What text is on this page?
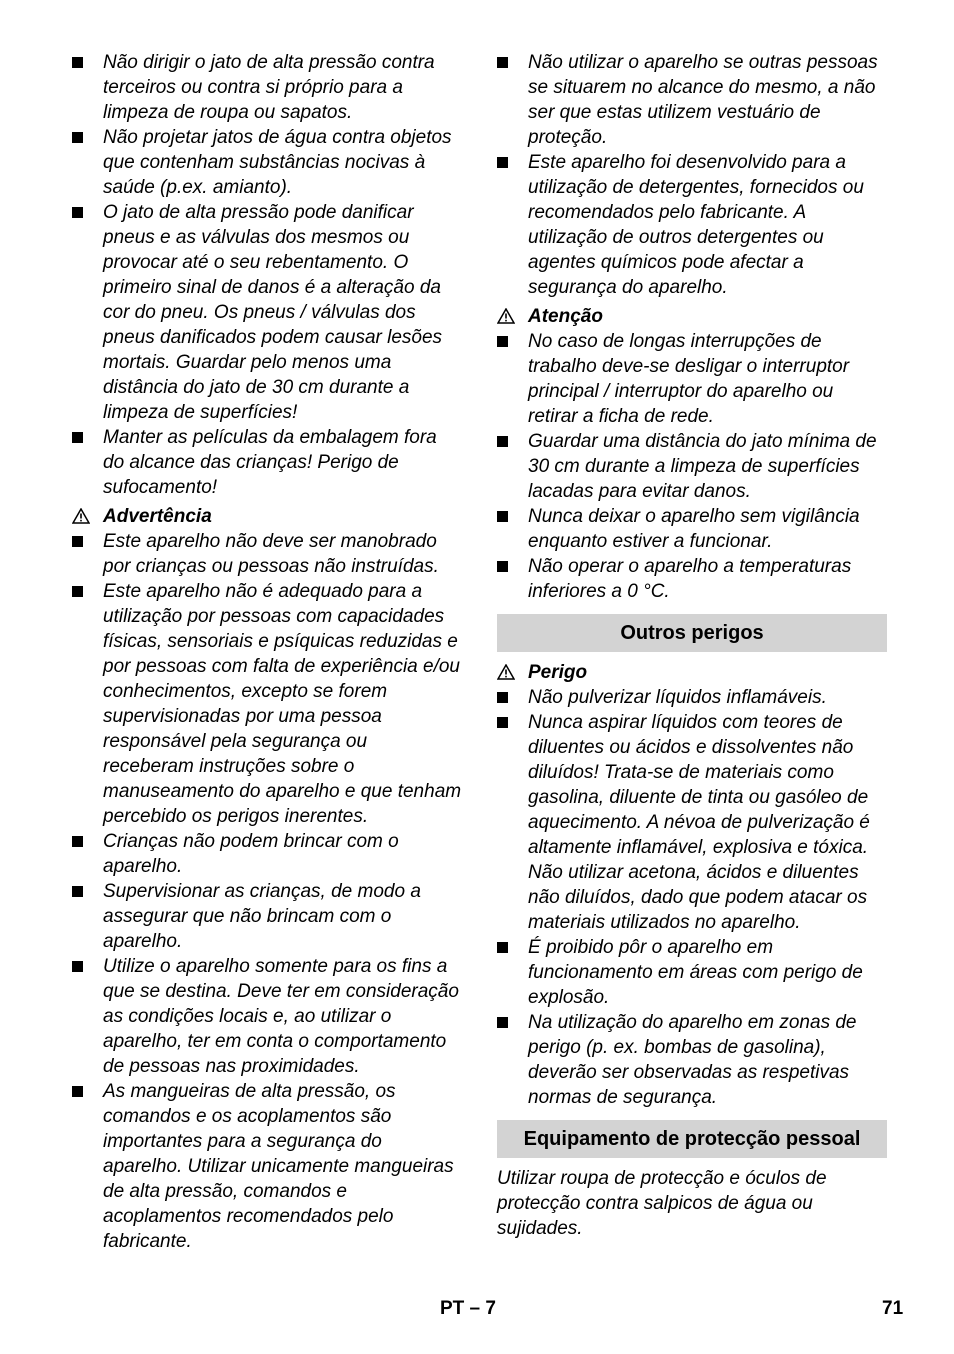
Não dirigir o jato de alta pressão contra terceiros ou contra si próprio para a limpeza de roupa ou sapatos.
Não projetar jatos de água contra objetos que contenham substâncias nocivas à saúde (p.ex. amianto).
O jato de alta pressão pode danificar pneus e as válvulas dos mesmos ou provocar até o seu rebentamento. O primeiro sinal de danos é a alteração da cor do pneu. Os pneus / válvulas dos pneus danificados podem causar lesões mortais. Guardar pelo menos uma distância do jato de 30 cm durante a limpeza de superfícies!
Manter as películas da embalagem fora do alcance das crianças! Perigo de sufocamento!
Advertência
Este aparelho não deve ser manobrado por crianças ou pessoas não instruídas.
Este aparelho não é adequado para a utilização por pessoas com capacidades físicas, sensoriais e psíquicas reduzidas e por pessoas com falta de experiência e/ou conhecimentos, excepto se forem supervisionadas por uma pessoa responsável pela segurança ou receberam instruções sobre o manuseamento do aparelho e que tenham percebido os perigos inerentes.
Crianças não podem brincar com o aparelho.
Supervisionar as crianças, de modo a assegurar que não brincam com o aparelho.
Utilize o aparelho somente para os fins a que se destina. Deve ter em consideração as condições locais e, ao utilizar o aparelho, ter em conta o comportamento de pessoas nas proximidades.
As mangueiras de alta pressão, os comandos e os acoplamentos são importantes para a segurança do aparelho. Utilizar unicamente mangueiras de alta pressão, comandos e acoplamentos recomendados pelo fabricante.
Não utilizar o aparelho se outras pessoas se situarem no alcance do mesmo, a não ser que estas utilizem vestuário de proteção.
Este aparelho foi desenvolvido para a utilização de detergentes, fornecidos ou recomendados pelo fabricante. A utilização de outros detergentes ou agentes químicos pode afectar a segurança do aparelho.
Atenção
No caso de longas interrupções de trabalho deve-se desligar o interruptor principal / interruptor do aparelho ou retirar a ficha de rede.
Guardar uma distância do jato mínima de 30 cm durante a limpeza de superfícies lacadas para evitar danos.
Nunca deixar o aparelho sem vigilância enquanto estiver a funcionar.
Não operar o aparelho a temperaturas inferiores a 0 °C.
Outros perigos
Perigo
Não pulverizar líquidos inflamáveis.
Nunca aspirar líquidos com teores de diluentes ou ácidos e dissolventes não diluídos! Trata-se de materiais como gasolina, diluente de tinta ou gasóleo de aquecimento. A névoa de pulverização é altamente inflamável, explosiva e tóxica. Não utilizar acetona, ácidos e diluentes não diluídos, dado que podem atacar os materiais utilizados no aparelho.
É proibido pôr o aparelho em funcionamento em áreas com perigo de explosão.
Na utilização do aparelho em zonas de perigo (p. ex. bombas de gasolina), deverão ser observadas as respetivas normas de segurança.
Equipamento de protecção pessoal
Utilizar roupa de protecção e óculos de protecção contra salpicos de água ou sujidades.
PT – 7	71
